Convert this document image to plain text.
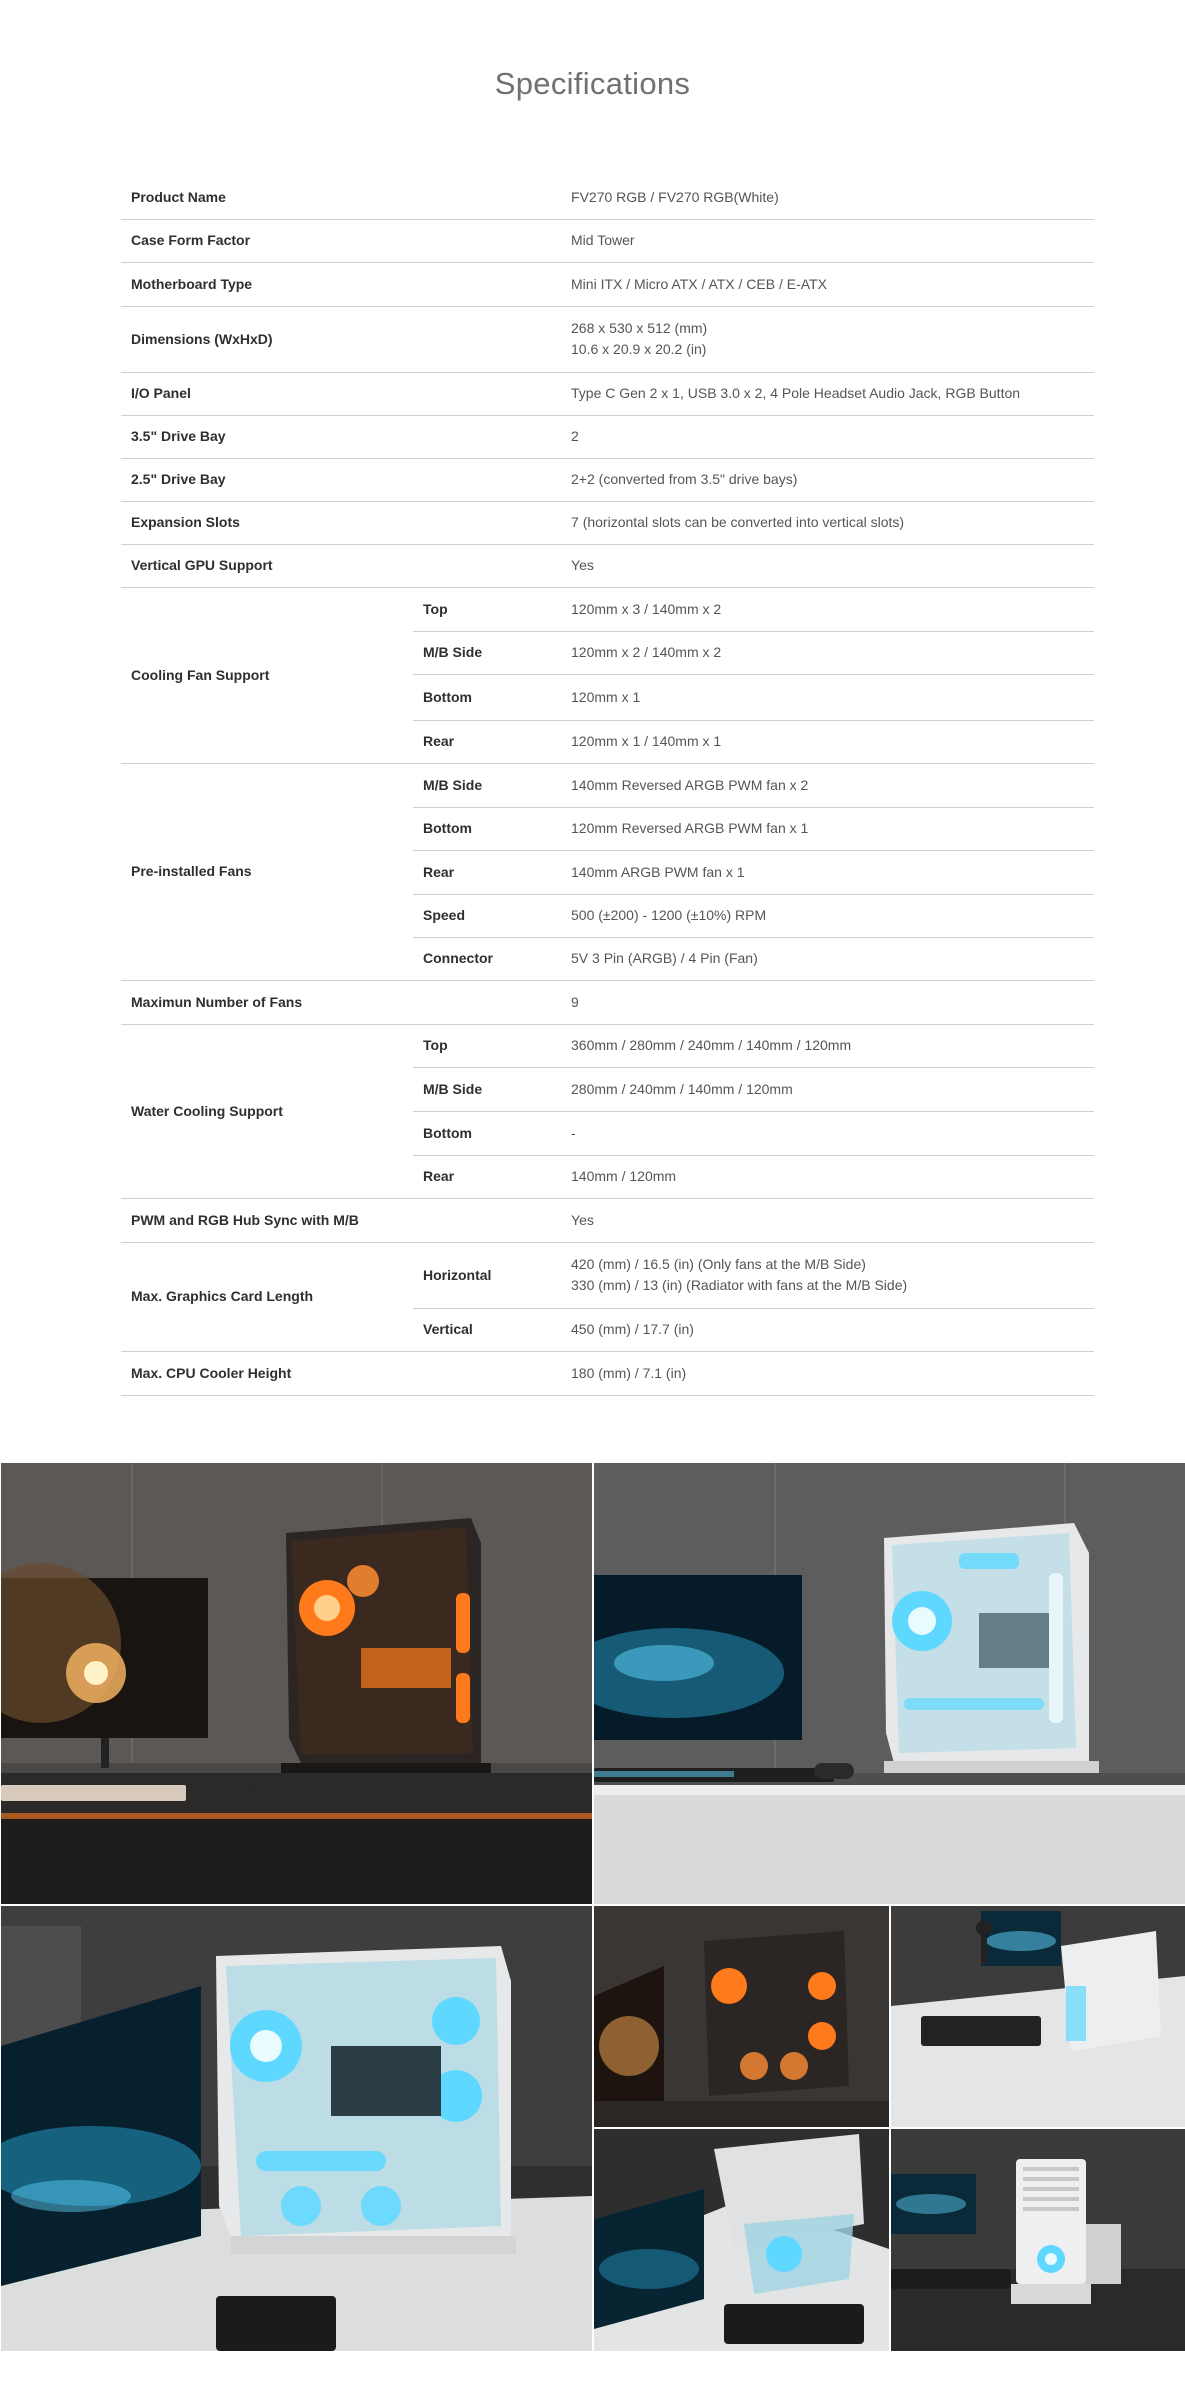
Specifications
Product Name		FV270 RGB / FV270 RGB(White)
Case Form Factor		Mid Tower
Motherboard Type		Mini ITX / Micro ATX / ATX / CEB / E-ATX
Dimensions (WxHxD)		268 x 530 x 512 (mm)
10.6 x 20.9 x 20.2 (in)

I/O Panel		Type C Gen 2 x 1, USB 3.0 x 2, 4 Pole Headset Audio Jack, RGB Button
3.5" Drive Bay		2
2.5" Drive Bay		2+2 (converted from 3.5" drive bays)
Expansion Slots		7 (horizontal slots can be converted into vertical slots)
Vertical GPU Support		Yes
Cooling Fan Support	Top	120mm x 3 / 140mm x 2
	M/B Side	120mm x 2 / 140mm x 2
	Bottom	120mm x 1
	Rear	120mm x 1 / 140mm x 1
Pre-installed Fans	M/B Side	140mm Reversed ARGB PWM fan x 2
	Bottom	120mm Reversed ARGB PWM fan x 1
	Rear	140mm ARGB PWM fan x 1
	Speed	500 (±200) - 1200 (±10%) RPM
	Connector	5V 3 Pin (ARGB) / 4 Pin (Fan)
Maximun Number of Fans		9
Water Cooling Support	Top	360mm / 280mm / 240mm / 140mm / 120mm
	M/B Side	280mm / 240mm / 140mm / 120mm
	Bottom	-
	Rear	140mm / 120mm
PWM and RGB Hub Sync with M/B		Yes
Max. Graphics Card Length	Horizontal	420 (mm) / 16.5 (in) (Only fans at the M/B Side)
330 (mm) / 13 (in) (Radiator with fans at the M/B Side)

	Vertical	450 (mm) / 17.7 (in)
Max. CPU Cooler Height		180 (mm) / 7.1 (in)
